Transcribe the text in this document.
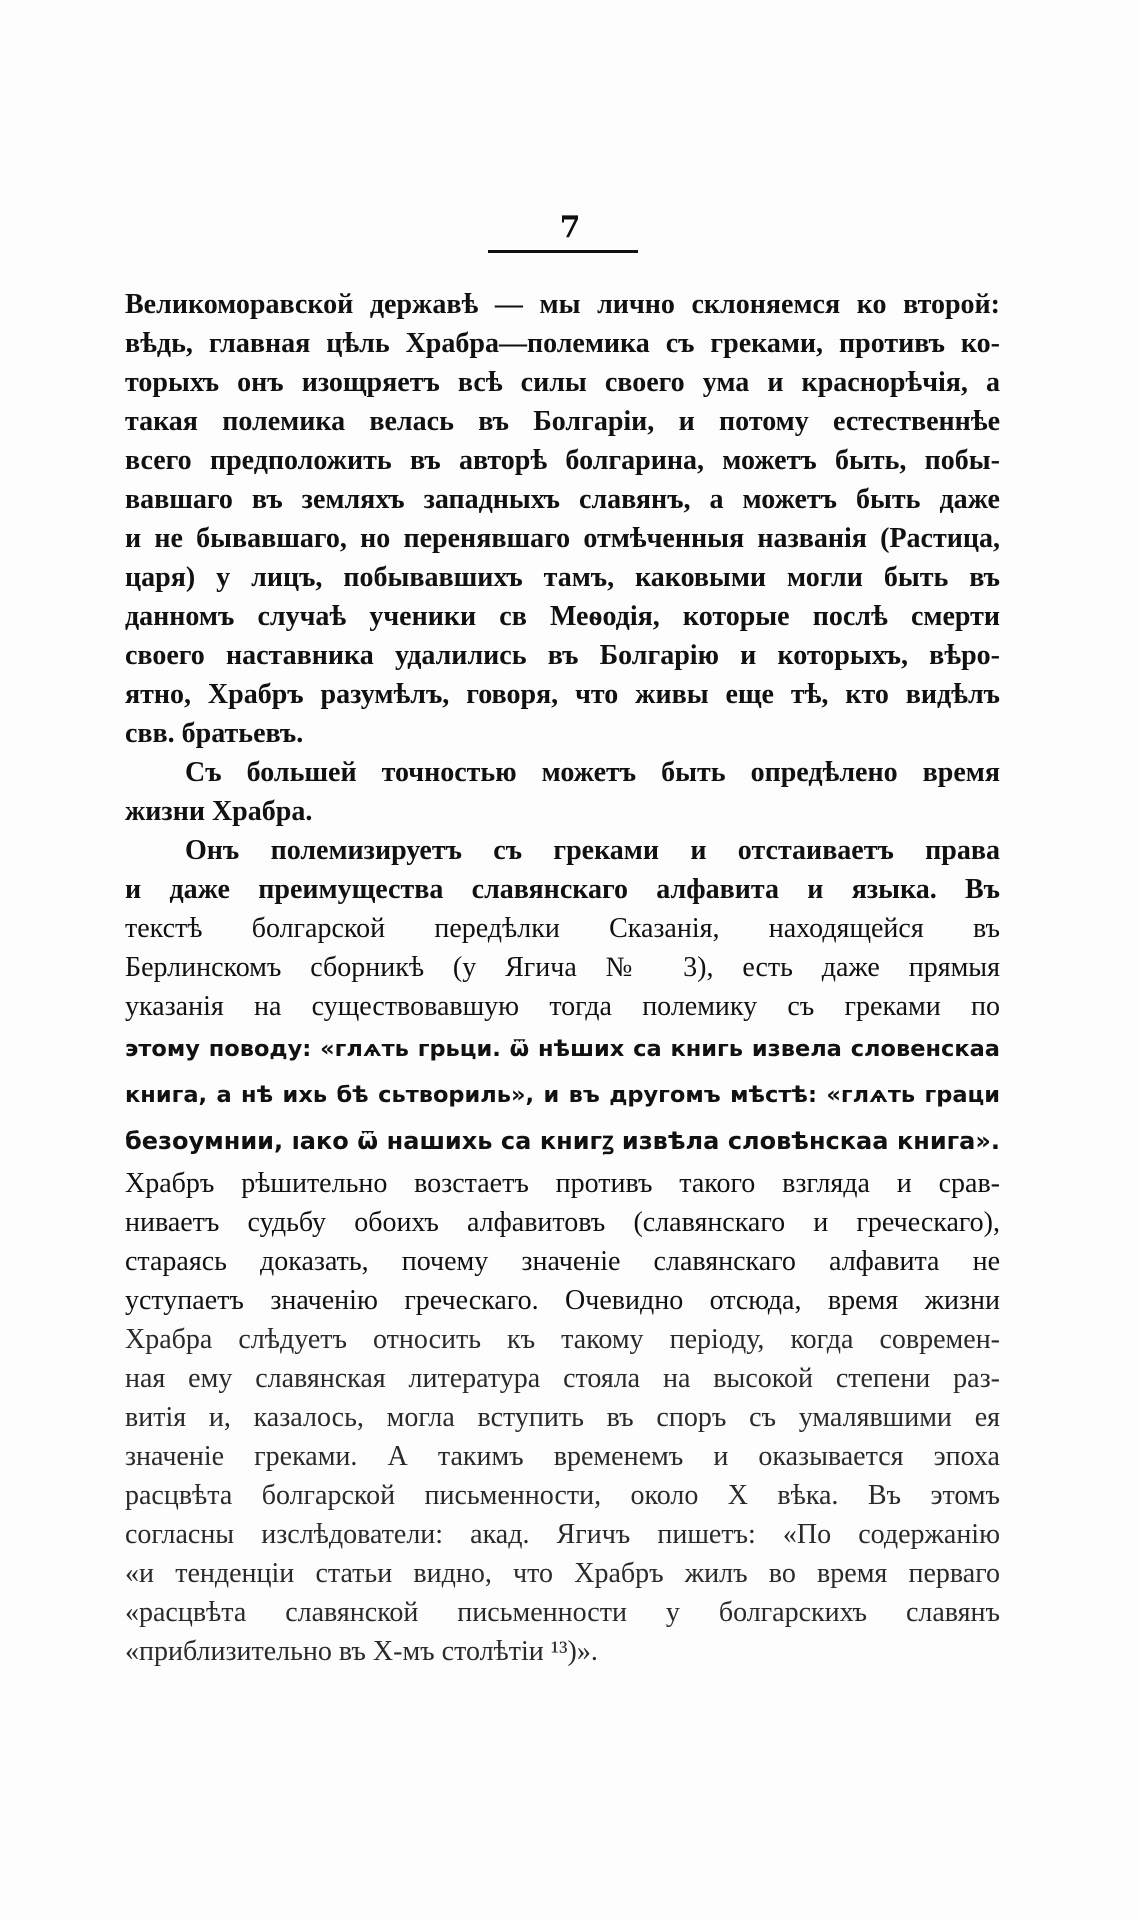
7
Великоморавской державѣ — мы лично склоняемся ко второй:
вѣдь, главная цѣль Храбра—полемика съ греками, противъ ко-
торыхъ онъ изощряетъ всѣ силы своего ума и краснорѣчія, а
такая полемика велась въ Болгаріи, и потому естественнѣе
всего предположить въ авторѣ болгарина, можетъ быть, побы-
вавшаго въ земляхъ западныхъ славянъ, а можетъ быть даже
и не бывавшаго, но перенявшаго отмѣченныя названія (Растица,
царя) у лицъ, побывавшихъ тамъ, каковыми могли быть въ
данномъ случаѣ ученики св Меѳодія, которые послѣ смерти
своего наставника удалились въ Болгарію и которыхъ, вѣро-
ятно, Храбръ разумѣлъ, говоря, что живы еще тѣ, кто видѣлъ
свв. братьевъ.
Съ большей точностью можетъ быть опредѣлено время
жизни Храбра.
Онъ полемизируетъ съ греками и отстаиваетъ права
и даже преимущества славянскаго алфавита и языка. Въ
текстѣ болгарской передѣлки Сказанія, находящейся въ
Берлинскомъ сборникѣ (у Ягича № 3), есть даже прямыя
указанія на существовавшую тогда полемику съ греками по
этому поводу: «глѧть грьци. ѿ нѣших са книгь извела словенскаа
книга, а нѣ ихь бѣ сьтвориль», и въ другомъ мѣстѣ: «глѧть граци
безоумнии, ıако ѿ нашихь са книгꙁ извѣла словѣнскаа книга».
Храбръ рѣшительно возстаетъ противъ такого взгляда и срав-
ниваетъ судьбу обоихъ алфавитовъ (славянскаго и греческаго),
стараясь доказать, почему значеніе славянскаго алфавита не
уступаетъ значенію греческаго. Очевидно отсюда, время жизни
Храбра слѣдуетъ относить къ такому періоду, когда современ-
ная ему славянская литература стояла на высокой степени раз-
витія и, казалось, могла вступить въ споръ съ умалявшими ея
значеніе греками. А такимъ временемъ и оказывается эпоха
расцвѣта болгарской письменности, около X вѣка. Въ этомъ
согласны изслѣдователи: акад. Ягичъ пишетъ: «По содержанію
«и тенденціи статьи видно, что Храбръ жилъ во время перваго
«расцвѣта славянской письменности у болгарскихъ славянъ
«приблизительно въ X-мъ столѣтіи ¹³)».
